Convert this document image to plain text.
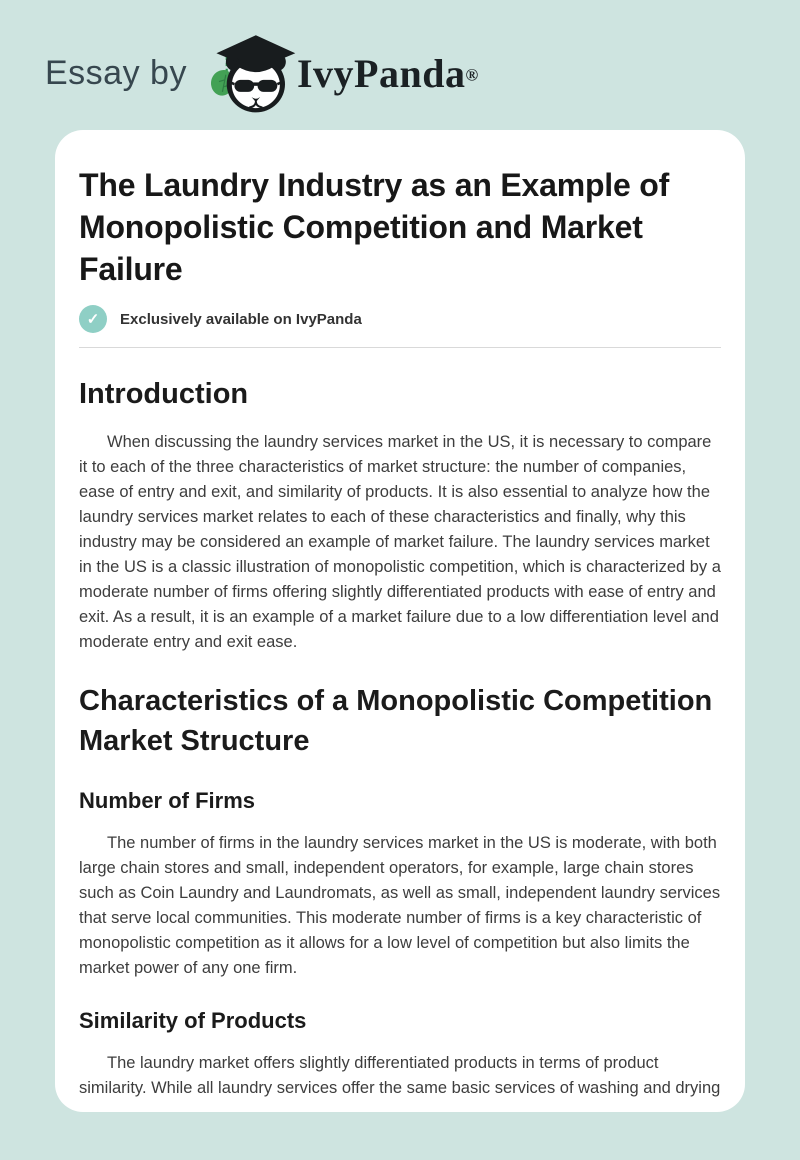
Essay by	IvyPanda®
The Laundry Industry as an Example of Monopolistic Competition and Market Failure
✓	Exclusively available on IvyPanda
Introduction

When discussing the laundry services market in the US, it is necessary to compare it to each of the three characteristics of market structure: the number of companies, ease of entry and exit, and similarity of products. It is also essential to analyze how the laundry services market relates to each of these characteristics and finally, why this industry may be considered an example of market failure. The laundry services market in the US is a classic illustration of monopolistic competition, which is characterized by a moderate number of firms offering slightly differentiated products with ease of entry and exit. As a result, it is an example of a market failure due to a low differentiation level and moderate entry and exit ease.

Characteristics of a Monopolistic Competition Market Structure
Number of Firms

The number of firms in the laundry services market in the US is moderate, with both large chain stores and small, independent operators, for example, large chain stores such as Coin Laundry and Laundromats, as well as small, independent laundry services that serve local communities. This moderate number of firms is a key characteristic of monopolistic competition as it allows for a low level of competition but also limits the market power of any one firm.

Similarity of Products

The laundry market offers slightly differentiated products in terms of product similarity. While all laundry services offer the same basic services of washing and drying
